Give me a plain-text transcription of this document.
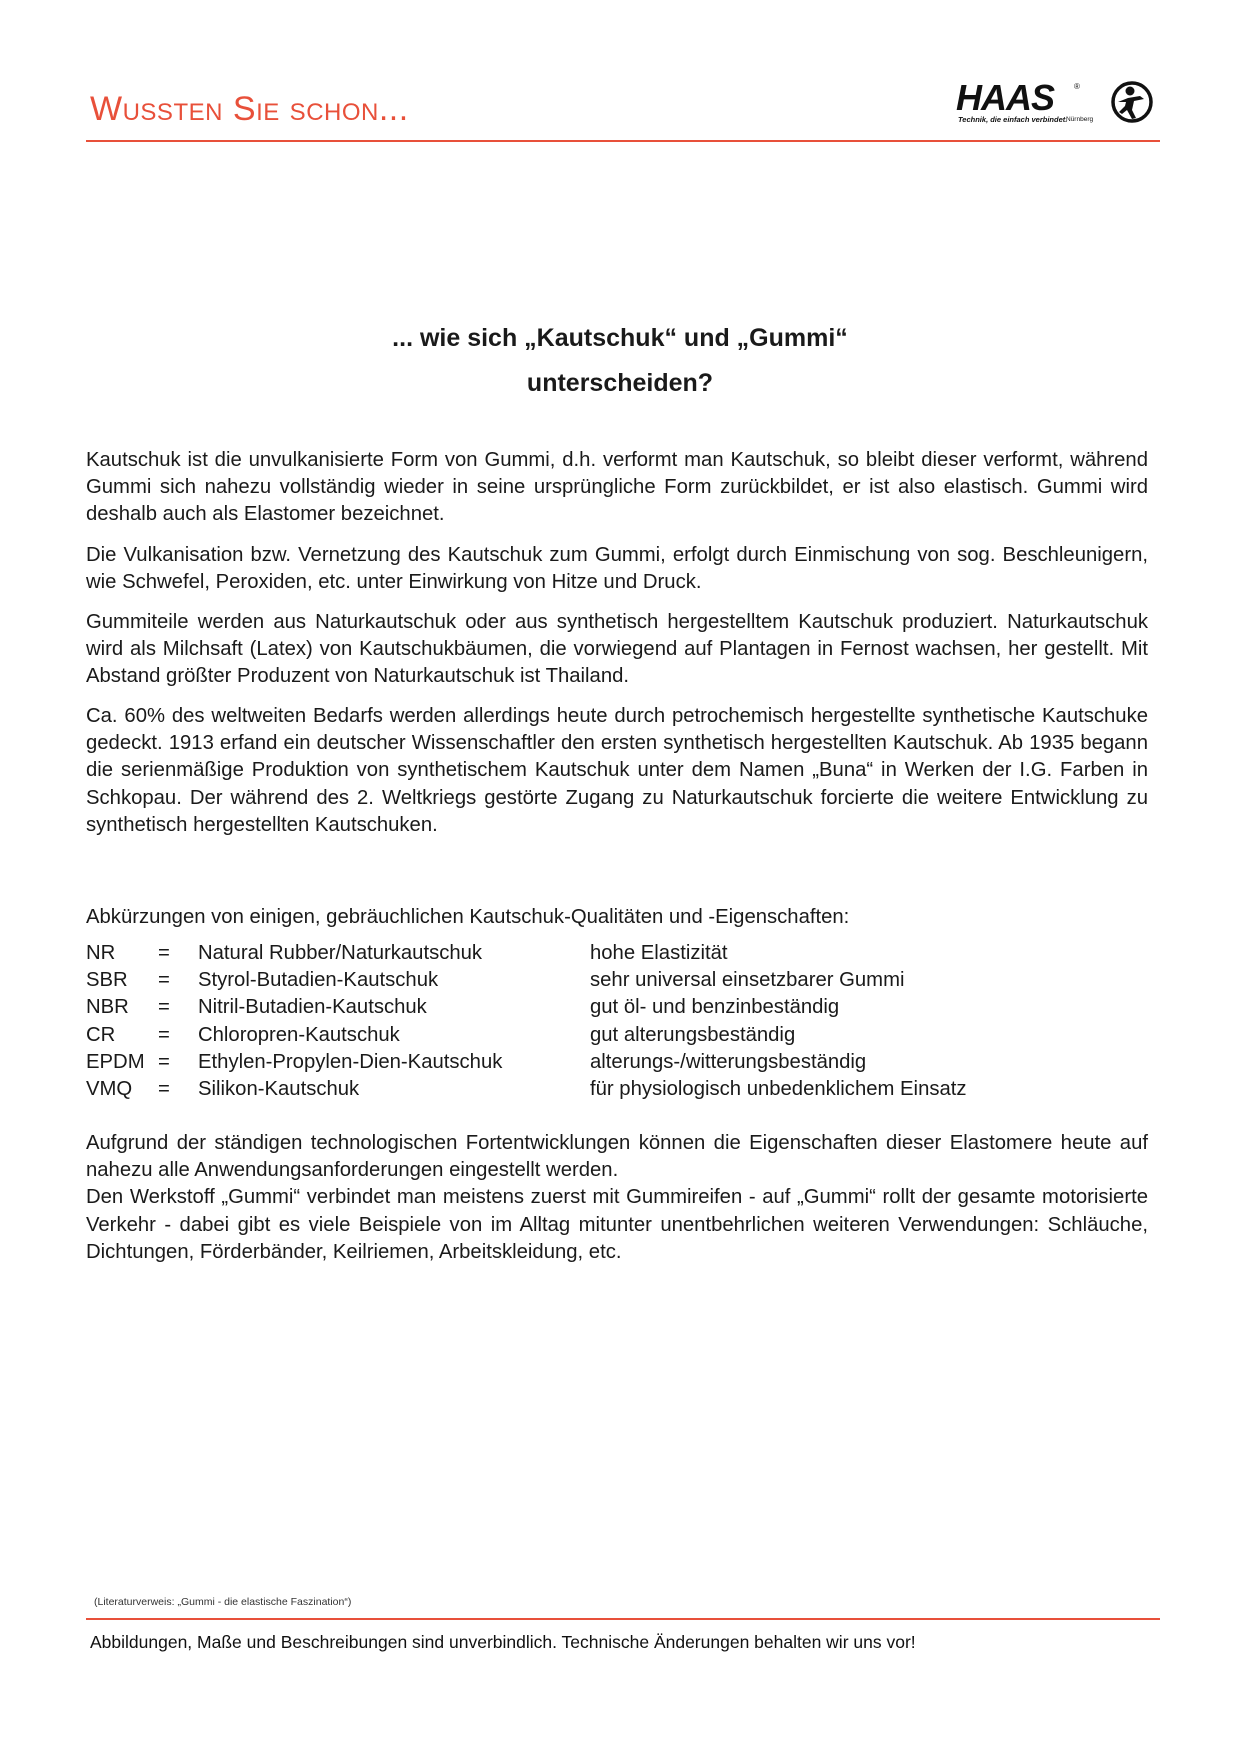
Wussten Sie schon...	HAAS ®
Technik, die einfach verbindet.
Nürnberg
... wie sich „Kautschuk“ und „Gummi“
unterscheiden?
Kautschuk ist die unvulkanisierte Form von Gummi, d.h. verformt man Kautschuk, so bleibt dieser verformt, während Gummi sich nahezu vollständig wieder in seine ursprüngliche Form zurückbildet, er ist also elastisch. Gummi wird deshalb auch als Elastomer bezeichnet.
Die Vulkanisation bzw. Vernetzung des Kautschuk zum Gummi, erfolgt durch Einmischung von sog. Beschleunigern, wie Schwefel, Peroxiden, etc. unter Einwirkung von Hitze und Druck.
Gummiteile werden aus Naturkautschuk oder aus synthetisch hergestelltem Kautschuk produziert. Naturkautschuk wird als Milchsaft (Latex) von Kautschukbäumen, die vorwiegend auf Plantagen in Fernost wachsen, her gestellt. Mit Abstand größter Produzent von Naturkautschuk ist Thailand.
Ca. 60% des weltweiten Bedarfs werden allerdings heute durch petrochemisch hergestellte synthetische Kautschuke gedeckt. 1913 erfand ein deutscher Wissenschaftler den ersten synthetisch hergestellten Kautschuk. Ab 1935 begann die serienmäßige Produktion von synthetischem Kautschuk unter dem Namen „Buna“ in Werken der I.G. Farben in Schkopau. Der während des 2. Weltkriegs gestörte Zugang zu Naturkautschuk forcierte die weitere Entwicklung zu synthetisch hergestellten Kautschuken.
Abkürzungen von einigen, gebräuchlichen Kautschuk-Qualitäten und -Eigenschaften:
NR = Natural Rubber/Naturkautschuk	hohe Elastizität
SBR = Styrol-Butadien-Kautschuk	sehr universal einsetzbarer Gummi
NBR = Nitril-Butadien-Kautschuk	gut öl- und benzinbeständig
CR = Chloropren-Kautschuk	gut alterungsbeständig
EPDM = Ethylen-Propylen-Dien-Kautschuk	alterungs-/witterungsbeständig
VMQ = Silikon-Kautschuk	für physiologisch unbedenklichem Einsatz
Aufgrund der ständigen technologischen Fortentwicklungen können die Eigenschaften dieser Elastomere heute auf nahezu alle Anwendungsanforderungen eingestellt werden.
Den Werkstoff „Gummi“ verbindet man meistens zuerst mit Gummireifen - auf „Gummi“ rollt der gesamte motorisierte Verkehr - dabei gibt es viele Beispiele von im Alltag mitunter unentbehrlichen weiteren Verwendungen: Schläuche, Dichtungen, Förderbänder, Keilriemen, Arbeitskleidung, etc.
(Literaturverweis: „Gummi - die elastische Faszination“)
Abbildungen, Maße und Beschreibungen sind unverbindlich. Technische Änderungen behalten wir uns vor!
